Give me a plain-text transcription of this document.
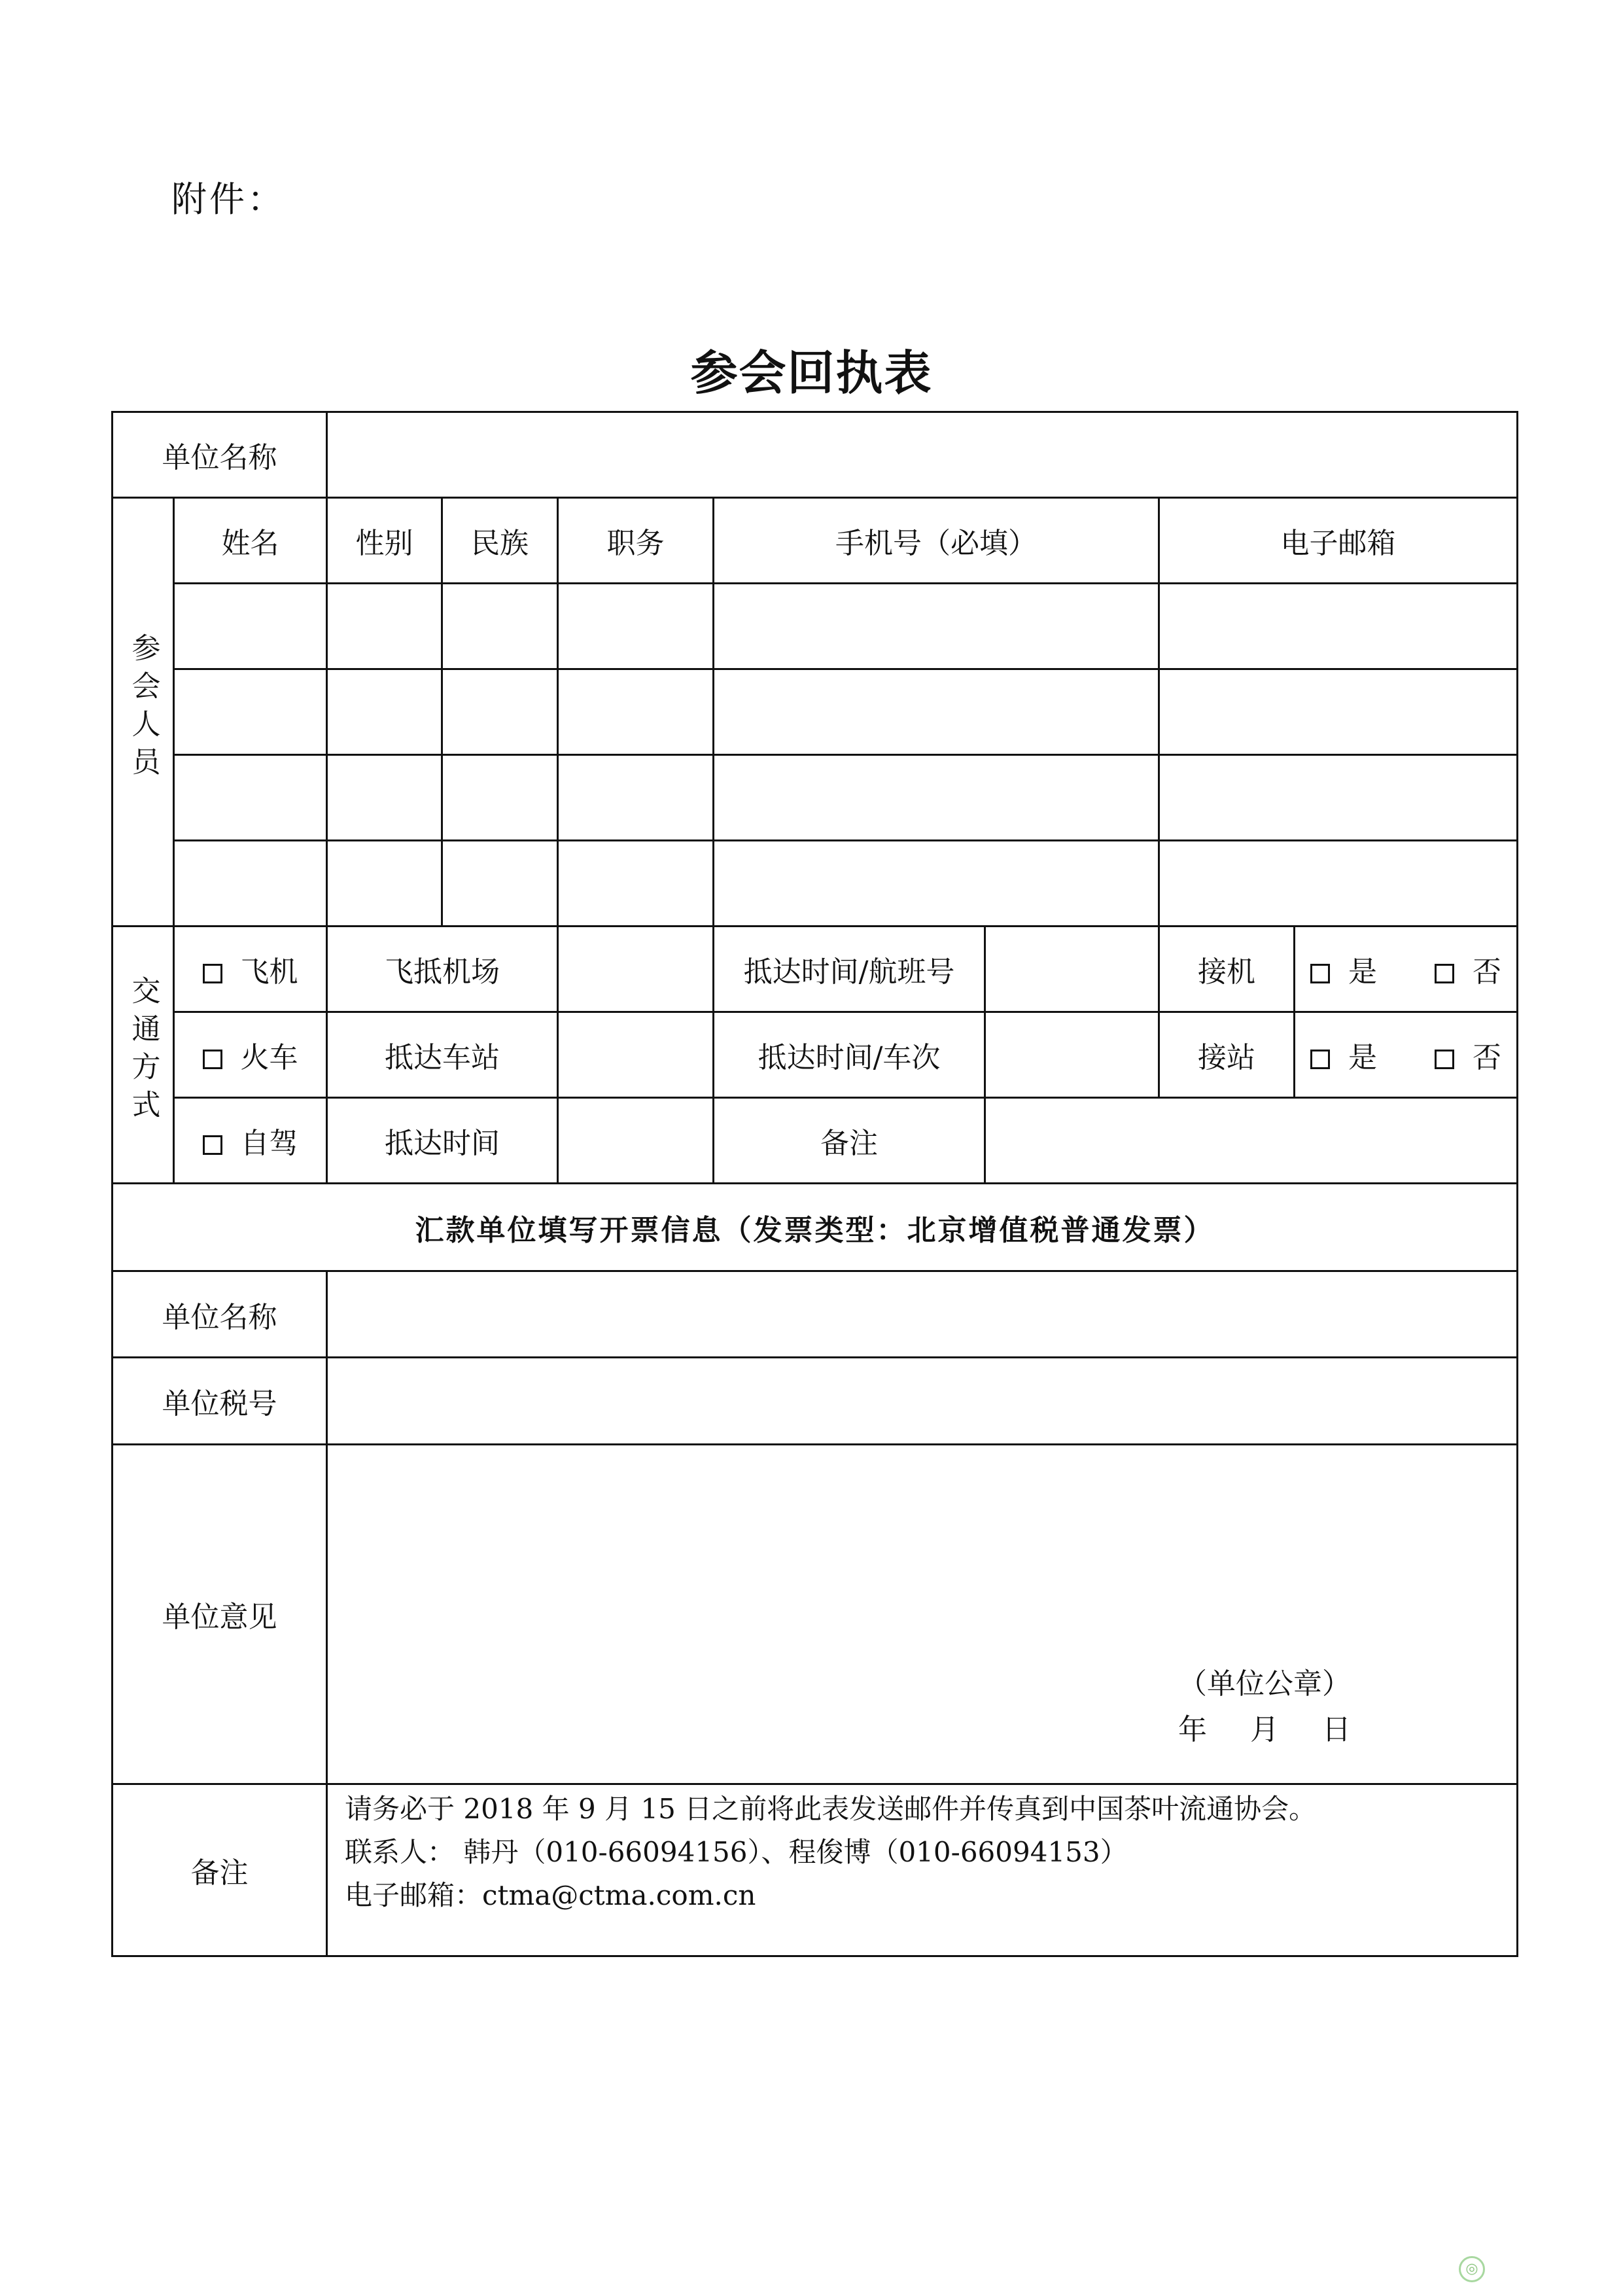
附件：
参会回执表
单位名称								
参会人员	姓名	性别	民族	职务	手机号（必填）		电子邮箱	

交通方式	飞机	飞抵机场			抵达时间/航班号		接机	是 否
	火车	抵达车站			抵达时间/车次		接站	是 否
	自驾	抵达时间			备注			
汇款单位填写开票信息（发票类型：北京增值税普通发票）								
单位名称								
单位税号								
单位意见		（单位公章）
年 月 日						

备注		请务必于 2018 年 9 月 15 日之前将此表发送邮件并传真到中国茶叶流通协会。
联系人： 韩丹（010-66094156）、程俊博（010-66094153）
电子邮箱：ctma@ctma.com.cn						
◎
